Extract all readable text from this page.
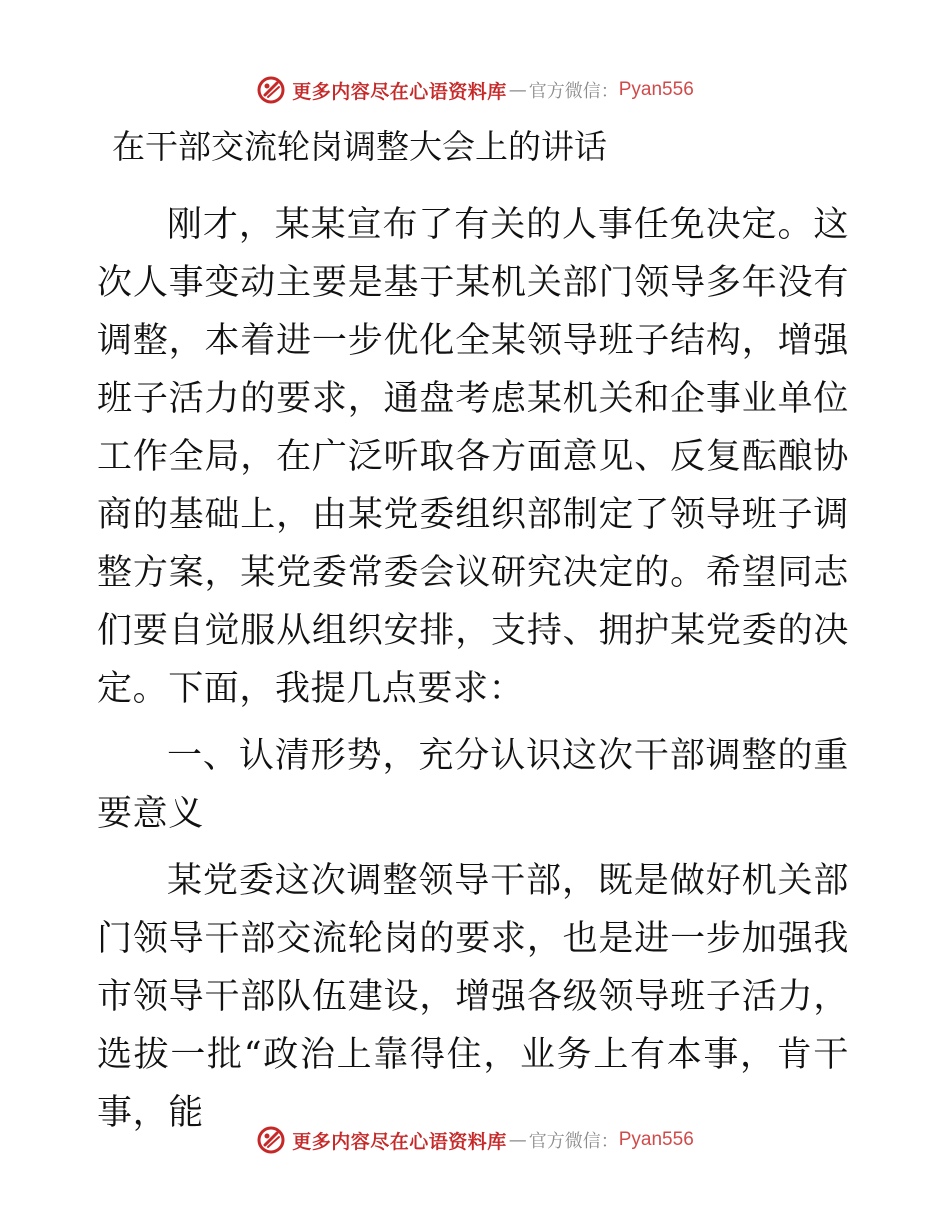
更多内容尽在心语资料库 — 官方微信： Pyan556
在干部交流轮岗调整大会上的讲话

刚才，某某宣布了有关的人事任免决定。这次人事变动主要是基于某机关部门领导多年没有调整，本着进一步优化全某领导班子结构，增强班子活力的要求，通盘考虑某机关和企事业单位工作全局，在广泛听取各方面意见、反复酝酿协商的基础上，由某党委组织部制定了领导班子调整方案，某党委常委会议研究决定的。希望同志们要自觉服从组织安排，支持、拥护某党委的决定。下面，我提几点要求：

一、认清形势，充分认识这次干部调整的重要意义

某党委这次调整领导干部，既是做好机关部门领导干部交流轮岗的要求，也是进一步加强我市领导干部队伍建设，增强各级领导班子活力，选拔一批“政治上靠得住，业务上有本事，肯干事，能

更多内容尽在心语资料库 — 官方微信： Pyan556
